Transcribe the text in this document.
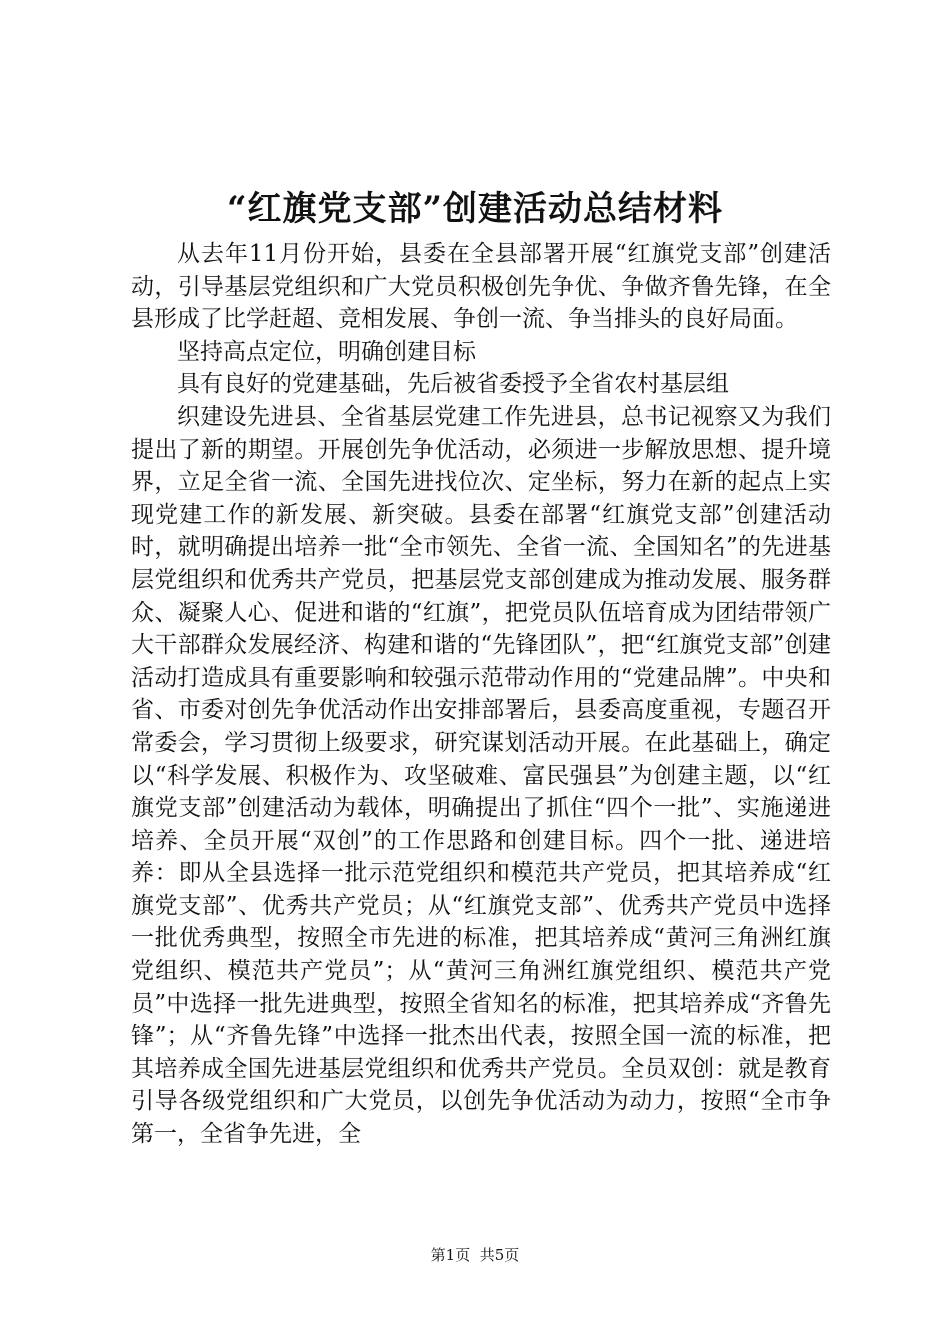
“红旗党支部”创建活动总结材料

从去年11月份开始，县委在全县部署开展“红旗党支部”创建活动，引导基层党组织和广大党员积极创先争优、争做齐鲁先锋，在全县形成了比学赶超、竞相发展、争创一流、争当排头的良好局面。

坚持高点定位，明确创建目标

具有良好的党建基础，先后被省委授予全省农村基层组

织建设先进县、全省基层党建工作先进县，总书记视察又为我们提出了新的期望。开展创先争优活动，必须进一步解放思想、提升境界，立足全省一流、全国先进找位次、定坐标，努力在新的起点上实现党建工作的新发展、新突破。县委在部署“红旗党支部”创建活动时，就明确提出培养一批“全市领先、全省一流、全国知名”的先进基层党组织和优秀共产党员，把基层党支部创建成为推动发展、服务群众、凝聚人心、促进和谐的“红旗”，把党员队伍培育成为团结带领广大干部群众发展经济、构建和谐的“先锋团队”，把“红旗党支部”创建活动打造成具有重要影响和较强示范带动作用的“党建品牌”。中央和省、市委对创先争优活动作出安排部署后，县委高度重视，专题召开常委会，学习贯彻上级要求，研究谋划活动开展。在此基础上，确定以“科学发展、积极作为、攻坚破难、富民强县”为创建主题，以“红旗党支部”创建活动为载体，明确提出了抓住“四个一批”、实施递进培养、全员开展“双创”的工作思路和创建目标。四个一批、递进培养：即从全县选择一批示范党组织和模范共产党员，把其培养成“红旗党支部”、优秀共产党员；从“红旗党支部”、优秀共产党员中选择一批优秀典型，按照全市先进的标准，把其培养成“黄河三角洲红旗党组织、模范共产党员”；从“黄河三角洲红旗党组织、模范共产党员”中选择一批先进典型，按照全省知名的标准，把其培养成“齐鲁先锋”；从“齐鲁先锋”中选择一批杰出代表，按照全国一流的标准，把其培养成全国先进基层党组织和优秀共产党员。全员双创：就是教育引导各级党组织和广大党员，以创先争优活动为动力，按照“全市争第一，全省争先进，全

第1页 共5页
